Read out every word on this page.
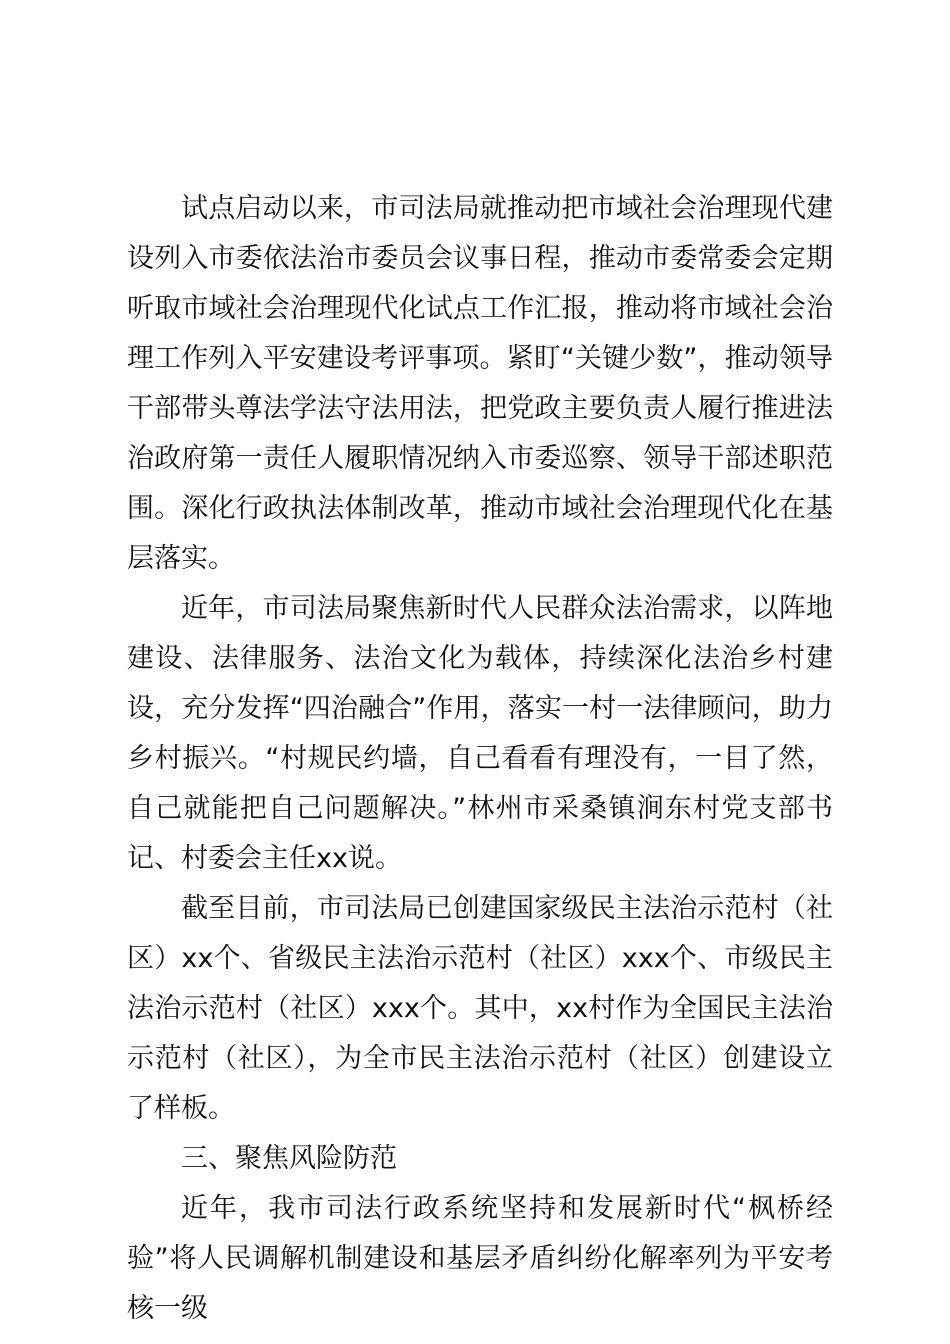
试点启动以来，市司法局就推动把市域社会治理现代建设列入市委依法治市委员会议事日程，推动市委常委会定期听取市域社会治理现代化试点工作汇报，推动将市域社会治理工作列入平安建设考评事项。紧盯“关键少数”，推动领导干部带头尊法学法守法用法，把党政主要负责人履行推进法治政府第一责任人履职情况纳入市委巡察、领导干部述职范围。深化行政执法体制改革，推动市域社会治理现代化在基层落实。

近年，市司法局聚焦新时代人民群众法治需求，以阵地建设、法律服务、法治文化为载体，持续深化法治乡村建设，充分发挥“四治融合”作用，落实一村一法律顾问，助力乡村振兴。“村规民约墙，自己看看有理没有，一目了然，自己就能把自己问题解决。”林州市采桑镇涧东村党支部书记、村委会主任xx说。

截至目前，市司法局已创建国家级民主法治示范村（社区）xx个、省级民主法治示范村（社区）xxx个、市级民主法治示范村（社区）xxx个。其中，xx村作为全国民主法治示范村（社区），为全市民主法治示范村（社区）创建设立了样板。

三、聚焦风险防范

近年，我市司法行政系统坚持和发展新时代“枫桥经验”将人民调解机制建设和基层矛盾纠纷化解率列为平安考核一级
